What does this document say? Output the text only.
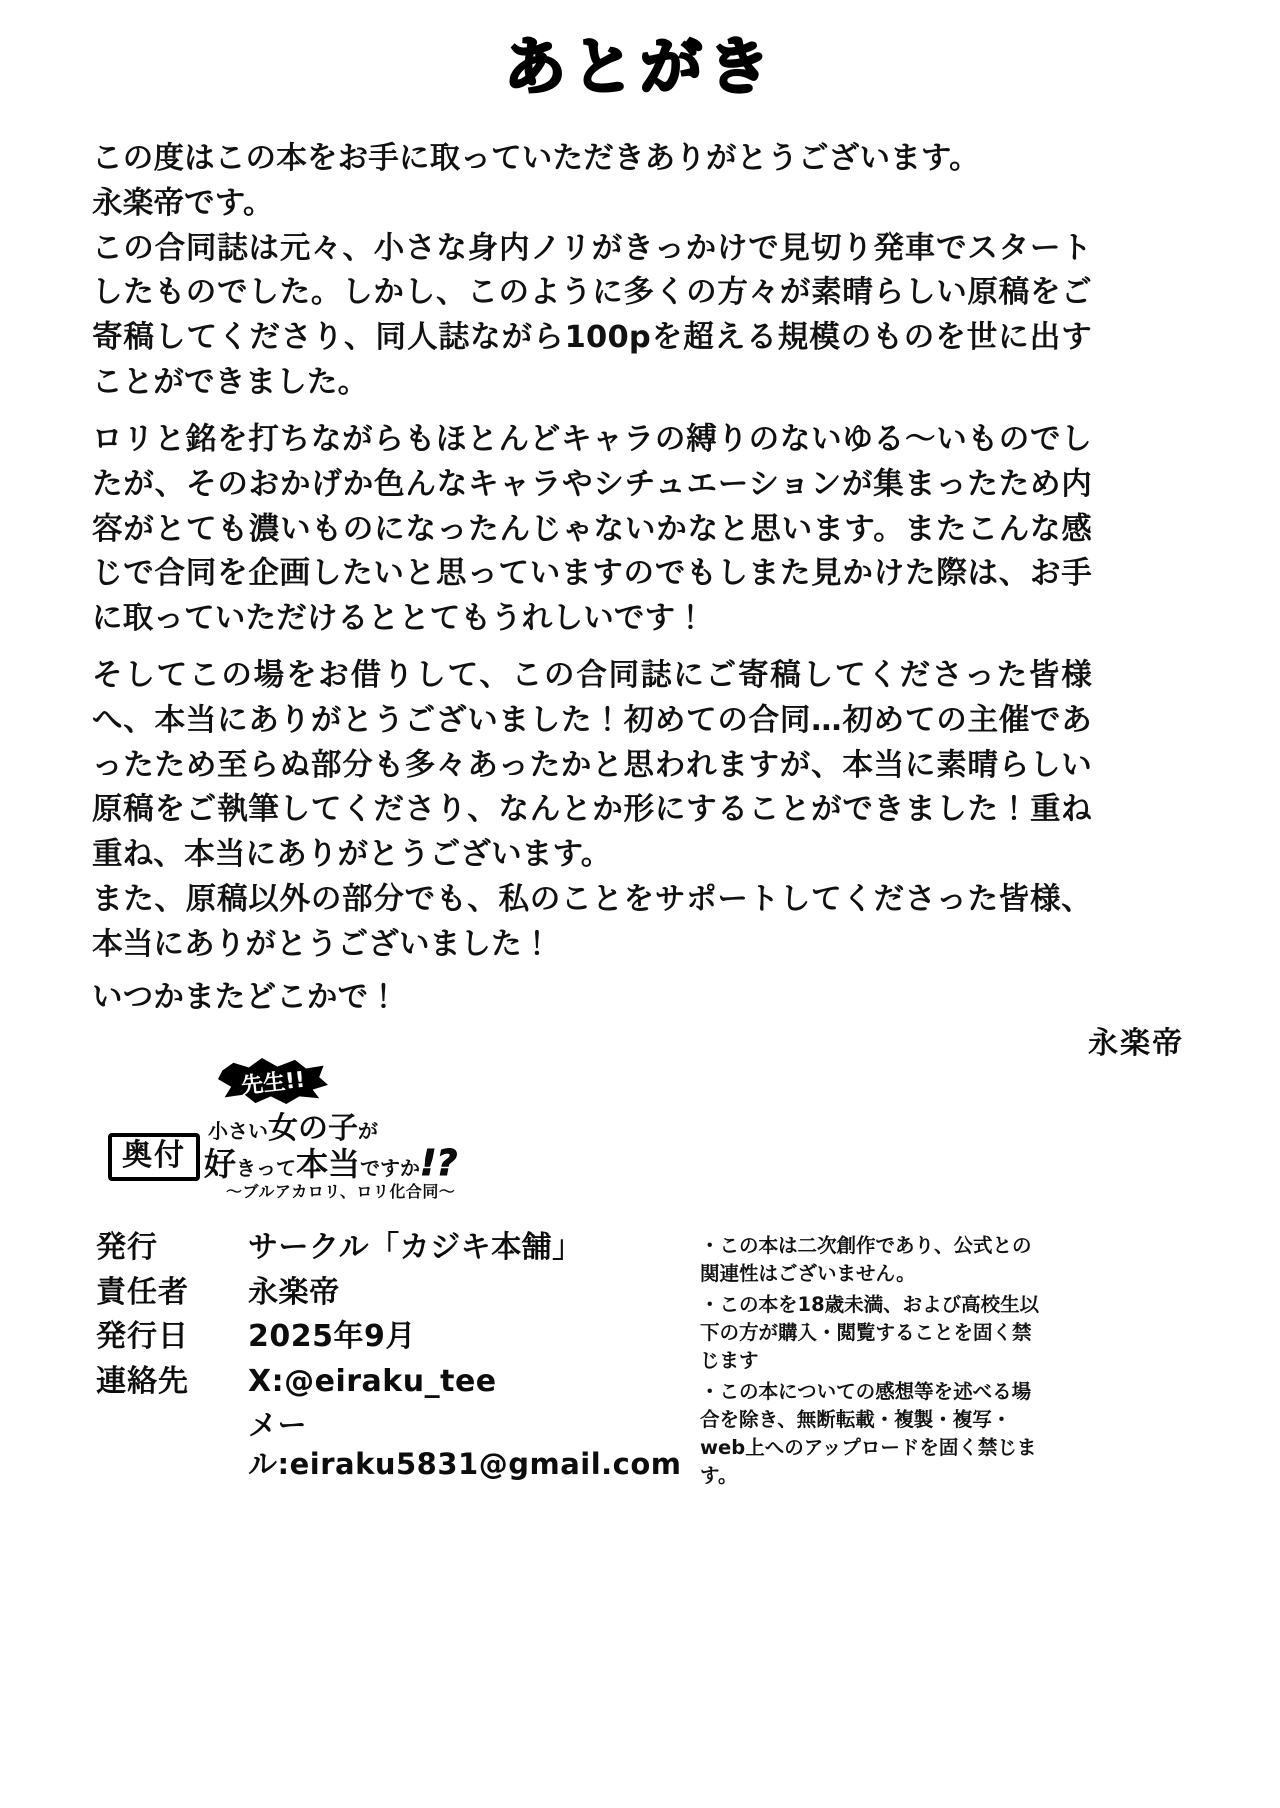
あとがき

この度はこの本をお手に取っていただきありがとうございます。

永楽帝です。

この合同誌は元々、小さな身内ノリがきっかけで見切り発車でスタートしたものでした。しかし、このように多くの方々が素晴らしい原稿をご寄稿してくださり、同人誌ながら100pを超える規模のものを世に出すことができました。

ロリと銘を打ちながらもほとんどキャラの縛りのないゆる～いものでしたが、そのおかげか色んなキャラやシチュエーションが集まったため内容がとても濃いものになったんじゃないかなと思います。またこんな感じで合同を企画したいと思っていますのでもしまた見かけた際は、お手に取っていただけるととてもうれしいです！

そしてこの場をお借りして、この合同誌にご寄稿してくださった皆様へ、本当にありがとうございました！初めての合同…初めての主催であったため至らぬ部分も多々あったかと思われますが、本当に素晴らしい原稿をご執筆してくださり、なんとか形にすることができました！重ね重ね、本当にありがとうございます。

また、原稿以外の部分でも、私のことをサポートしてくださった皆様、本当にありがとうございました！

いつかまたどこかで！

永楽帝
奥付
先生!!
小さい女の子が
好きって本当ですか!?
～ブルアカロリ、ロリ化合同～
発行	サークル「カジキ本舗」
責任者	永楽帝
発行日	2025年9月
連絡先	X:@eiraku_tee
メール:eiraku5831@gmail.com

・この本は二次創作であり、公式との関連性はございません。

・この本を18歳未満、および高校生以下の方が購入・閲覧することを固く禁じます

・この本についての感想等を述べる場合を除き、無断転載・複製・複写・web上へのアップロードを固く禁じます。
